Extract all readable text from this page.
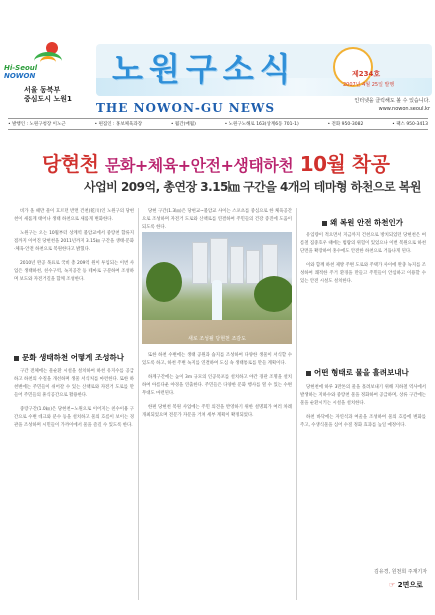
Hi-Seoul
NOWON
서울 동북부
중심도시 노원1
노원구소식	제234호
2007년 4월 25일 발행
THE NOWON-GU NEWS	인터넷을 클릭해도 볼 수 있습니다.
www.nowon.seoul.kr
• 발행인 : 노원구청장 이노근	• 편집인 : 홍보체육과장	• 월간(매월)	• 노원구노해로 163(상계6동 701-1)	• 전화 950-3082	• 팩스 950-3413
당현천 문화+체육+안전+생태하천 10월 착공
사업비 209억, 총연장 3.15㎞ 구간을 4개의 테마형 하천으로 복원

비가 올 때만 물이 흐르던 반면 건천(乾川)인 노원구의 당현천이 새롭게 태어나 생태 하천으로 새롭게 변화한다.

노원구는 오는 10월부터 상계역 불암교에서 중랑천 합류지점까지 이어진 당현천을 2011년까지 3.15㎞ 구간을 생태·문화·체육·안전 하천으로 복원한다고 밝혔다.

2010년 완공 목표로 국비 총 209억 원이 투입되는 이번 사업은 생태하천, 친수구역, 녹지공간 등 테마로 구분하여 조성하며 보도와 자전거길을 함께 조성한다.

문화 생태하천 어떻게 조성하나

구간 전체에는 물순환 시설을 설치하여 하천 유지수를 공급하고 하천의 수질을 개선하며 생물 서식처를 마련한다. 또한 하천변에는 주민들이 쉬어갈 수 있는 산책로와 자전거 도로를 만들어 주민들의 휴식공간으로 활용한다.

중랑구간(1.0㎞)은 당현천~노원으로 이어지는 친수이용 구간으로 수변 데크와 분수 등을 설치하고 물의 흐름이 보이는 경관을 조성하며 시민들이 가까이에서 물을 즐길 수 있도록 한다.

당현 구간(1.3㎞)은 당현교~불암교 사이는 스포츠를 중심으로 한 체육공간으로 조성하며 자전거 도로와 산책로를 연결하여 주민들의 건강 증진에 도움이 되도록 한다.

새로 조성될 당현천 조감도

또한 하천 수변에는 생태 공원과 습지를 조성하여 다양한 생물이 서식할 수 있도록 하고, 하천 주변 녹지를 연결하여 도심 속 생태통로를 만들 계획이다.

하계구간에는 높이 3m 규모의 인공폭포를 설치하고 야간 경관 조명을 설치하여 아름다운 야경을 연출한다. 주민들은 다양한 문화 행사를 열 수 있는 수변 무대도 마련된다.

한편 당현천 복원 사업에는 주민 의견을 반영하기 위한 설명회가 여러 차례 개최되었으며 전문가 자문을 거쳐 세부 계획이 확정되었다.

왜 복원 안전 하천인가

유입량이 적으면서 지금까지 건천으로 방치되었던 당현천은 여름철 집중호우 때에는 범람의 위험이 있었으나 이번 복원으로 하천 단면을 확장하여 홍수에도 안전한 하천으로 거듭나게 된다.

이와 함께 하천 제방 주변 도로와 주택가 사이에 완충 녹지를 조성하여 쾌적한 주거 환경을 만들고 주민들이 안심하고 이용할 수 있는 안전 시설도 설치한다.

어떤 형태로 물을 흘려보내나

당현천에 하루 3만톤의 물을 흘려보내기 위해 지하철 역사에서 발생하는 지하수와 중랑천 물을 정화하여 공급하며, 상류 구간에는 물을 순환시키는 시설을 설치한다.

하천 바닥에는 자연석과 여울을 조성하여 물의 흐름에 변화를 주고, 수생식물을 심어 수질 정화 효과를 높일 예정이다.

김유경, 원천희 주재기자
☞ 2면으로
